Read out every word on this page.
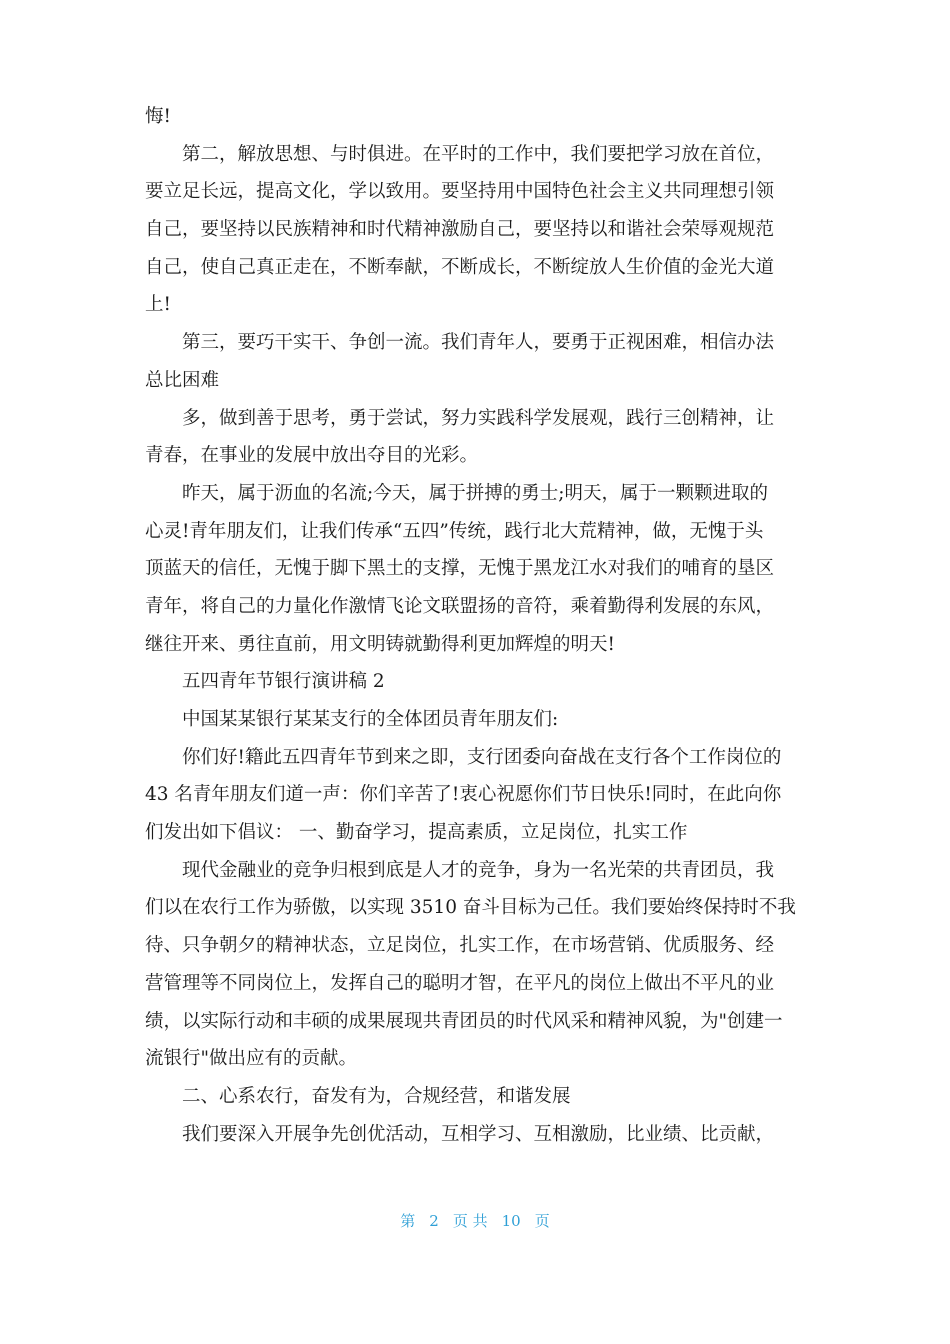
悔!
第二，解放思想、与时俱进。在平时的工作中，我们要把学习放在首位，
要立足长远，提高文化，学以致用。要坚持用中国特色社会主义共同理想引领
自己，要坚持以民族精神和时代精神激励自己，要坚持以和谐社会荣辱观规范
自己，使自己真正走在，不断奉献，不断成长，不断绽放人生价值的金光大道
上!
第三，要巧干实干、争创一流。我们青年人，要勇于正视困难，相信办法
总比困难
多，做到善于思考，勇于尝试，努力实践科学发展观，践行三创精神，让
青春，在事业的发展中放出夺目的光彩。
昨天，属于沥血的名流;今天，属于拼搏的勇士;明天，属于一颗颗进取的
心灵!青年朋友们，让我们传承“五四”传统，践行北大荒精神，做，无愧于头
顶蓝天的信任，无愧于脚下黑土的支撑，无愧于黑龙江水对我们的哺育的垦区
青年，将自己的力量化作激情飞论文联盟扬的音符，乘着勤得利发展的东风，
继往开来、勇往直前，用文明铸就勤得利更加辉煌的明天!
五四青年节银行演讲稿 2
中国某某银行某某支行的全体团员青年朋友们:
你们好!籍此五四青年节到来之即，支行团委向奋战在支行各个工作岗位的
43 名青年朋友们道一声：你们辛苦了!衷心祝愿你们节日快乐!同时，在此向你
们发出如下倡议： 一、勤奋学习，提高素质，立足岗位，扎实工作
现代金融业的竞争归根到底是人才的竞争，身为一名光荣的共青团员，我
们以在农行工作为骄傲，以实现 3510 奋斗目标为己任。我们要始终保持时不我
待、只争朝夕的精神状态，立足岗位，扎实工作，在市场营销、优质服务、经
营管理等不同岗位上，发挥自己的聪明才智，在平凡的岗位上做出不平凡的业
绩，以实际行动和丰硕的成果展现共青团员的时代风采和精神风貌，为"创建一
流银行"做出应有的贡献。
二、心系农行，奋发有为，合规经营，和谐发展
我们要深入开展争先创优活动，互相学习、互相激励，比业绩、比贡献，
第 2 页 共 10 页
